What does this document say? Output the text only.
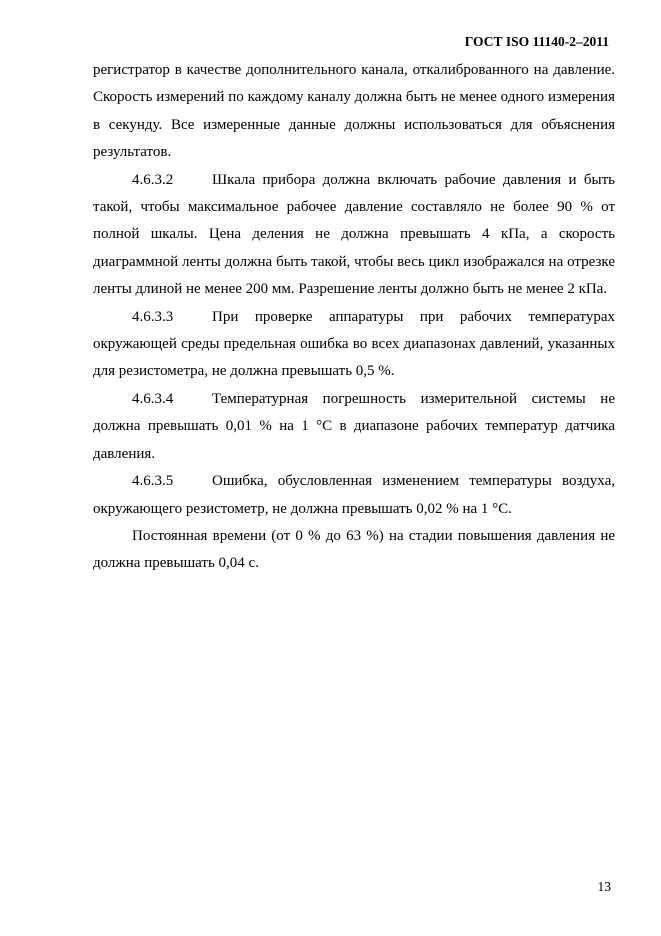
ГОСТ ISO 11140-2–2011

регистратор в качестве дополнительного канала, откалиброванного на давление. Скорость измерений по каждому каналу должна быть не менее одного измерения в секунду. Все измеренные данные должны использоваться для объяснения результатов.

4.6.3.2	Шкала прибора должна включать рабочие давления и быть такой, чтобы максимальное рабочее давление составляло не более 90 % от полной шкалы. Цена деления не должна превышать 4 кПа, а скорость диаграммной ленты должна быть такой, чтобы весь цикл изображался на отрезке ленты длиной не менее 200 мм. Разрешение ленты должно быть не менее 2 кПа.

4.6.3.3	При проверке аппаратуры при рабочих температурах окружающей среды предельная ошибка во всех диапазонах давлений, указанных для резистометра, не должна превышать 0,5 %.

4.6.3.4	Температурная погрешность измерительной системы не должна превышать 0,01 % на 1 °С в диапазоне рабочих температур датчика давления.

4.6.3.5	Ошибка, обусловленная изменением температуры воздуха, окружающего резистометр, не должна превышать 0,02 % на 1 °С.

Постоянная времени (от 0 % до 63 %) на стадии повышения давления не должна превышать 0,04 с.

13
